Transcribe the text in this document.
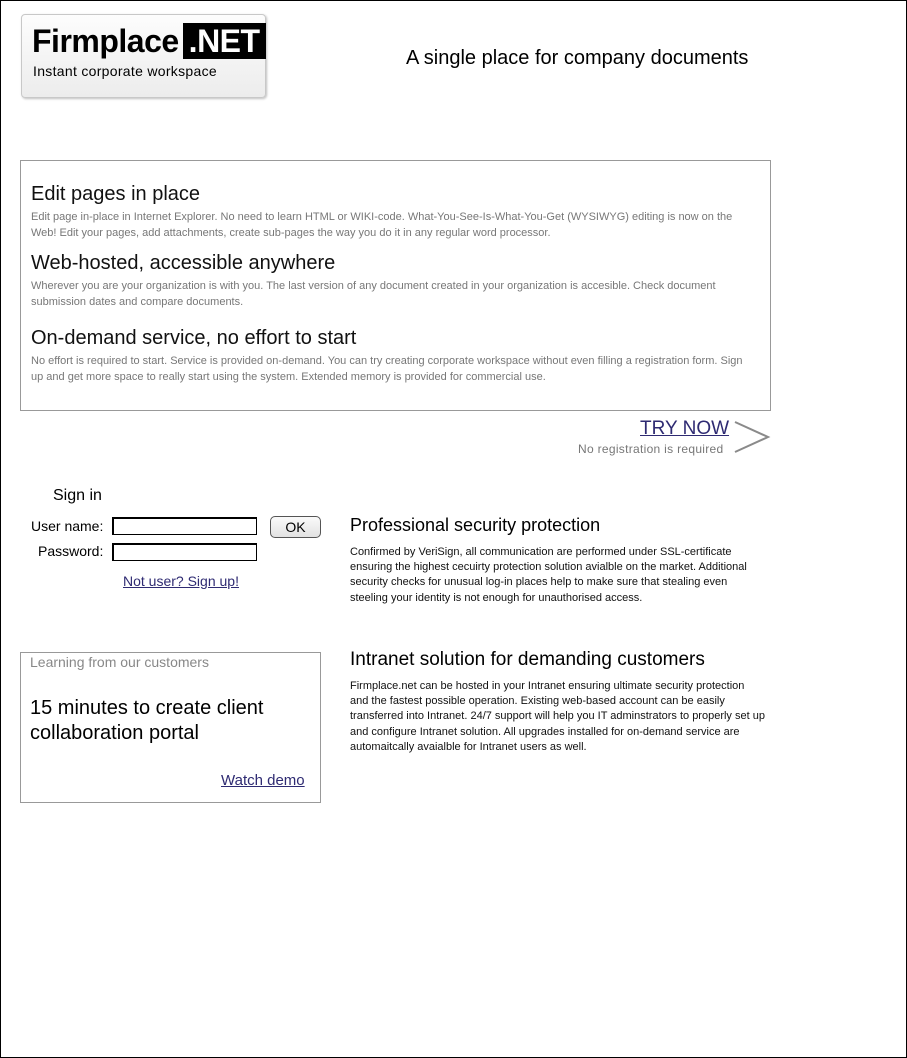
Firmplace .NET
Instant corporate workspace
A single place for company documents
Edit pages in place

Edit page in-place in Internet Explorer. No need to learn HTML or WIKI-code. What-You-See-Is-What-You-Get (WYSIWYG) editing is now on the Web! Edit your pages, add attachments, create sub-pages the way you do it in any regular word processor.

Web-hosted, accessible anywhere

Wherever you are your organization is with you. The last version of any document created in your organization is accesible. Check document submission dates and compare documents.

On-demand service, no effort to start

No effort is required to start. Service is provided on-demand. You can try creating corporate workspace without even filling a registration form. Sign up and get more space to really start using the system. Extended memory is provided for commercial use.

TRY NOW
No registration is required
Sign in
User name:	OK
Password:
Not user? Sign up!
Professional security protection
Confirmed by VeriSign, all communication are performed under SSL-certificate ensuring the highest cecuirty protection solution avialble on the market. Additional security checks for unusual log-in places help to make sure that stealing even steeling your identity is not enough for unauthorised access.
Learning from our customers
15 minutes to create client collaboration portal
Watch demo
Intranet solution for demanding customers
Firmplace.net can be hosted in your Intranet ensuring ultimate security protection and the fastest possible operation. Existing web-based account can be easily transferred into Intranet. 24/7 support will help you IT adminstrators to properly set up and configure Intranet solution. All upgrades installed for on-demand service are automaitcally avaialble for Intranet users as well.
